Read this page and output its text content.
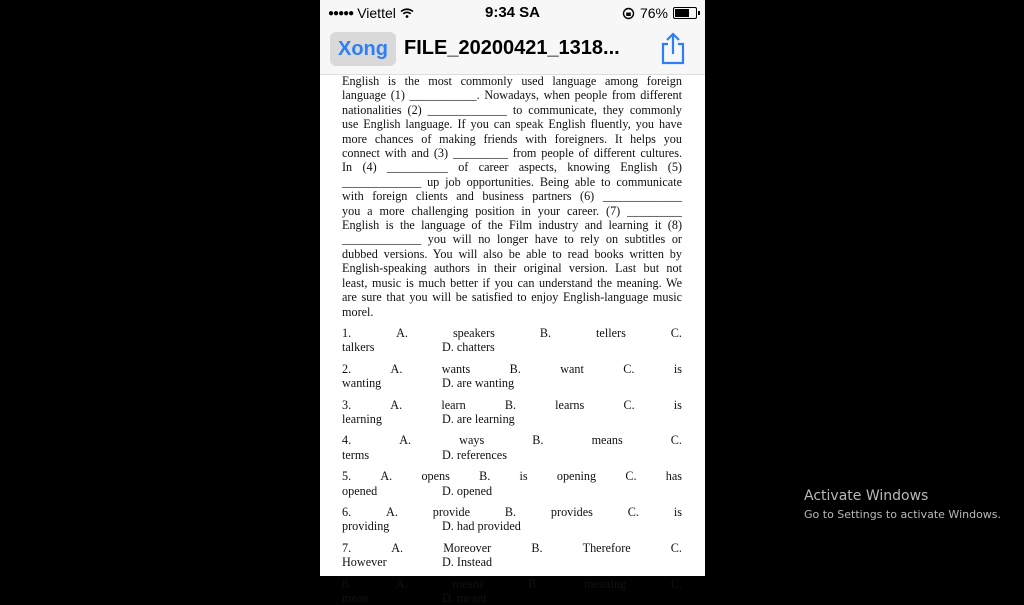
●●●●● Viettel	9:34 SA	76%
Xong FILE_20200421_1318...
English is the most commonly used language among foreign
language (1) ___________. Nowadays, when people from different
nationalities (2) _____________ to communicate, they commonly
use English language. If you can speak English fluently, you have
more chances of making friends with foreigners. It helps you
connect with and (3) _________ from people of different cultures.
In (4) __________ of career aspects, knowing English (5)
_____________ up job opportunities. Being able to communicate
with foreign clients and business partners (6) _____________
you a more challenging position in your career. (7) _________
English is the language of the Film industry and learning it (8)
_____________ you will no longer have to rely on subtitles or
dubbed versions. You will also be able to read books written by
English-speaking authors in their original version. Last but not
least, music is much better if you can understand the meaning. We
are sure that you will be satisfied to enjoy English-language music
morel.
1.	A.	speakers	B.	tellers	C.
talkers	D. chatters
2.	A.	wants	B.	want	C.	is
wanting	D. are wanting
3.	A.	learn	B.	learns	C.	is
learning	D. are learning
4.	A.	ways	B.	means	C.
terms	D. references
5. A. opens B. is opening C. has
opened	D. opened
6.	A.	provide	B.	provides	C.	is
providing	D. had provided
7.	A.	Moreover	B.	Therefore	C.
However	D. Instead
8.	A.	means	B.	meaning	C.
mean	D. meant
Activate Windows
Go to Settings to activate Windows.
